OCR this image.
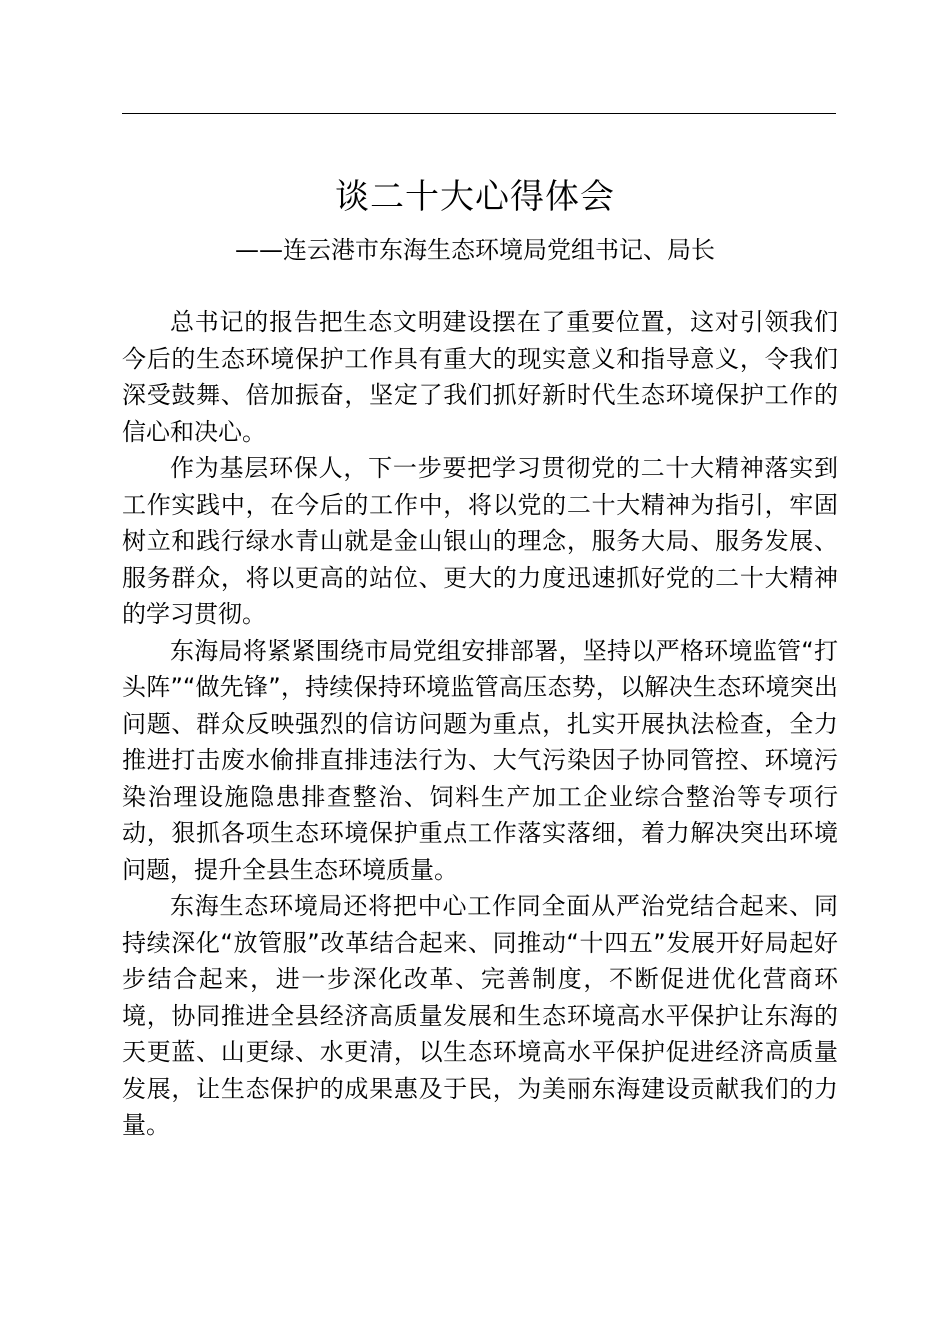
谈二十大心得体会
——连云港市东海生态环境局党组书记、局长

总书记的报告把生态文明建设摆在了重要位置，这对引领我们今后的生态环境保护工作具有重大的现实意义和指导意义，令我们深受鼓舞、倍加振奋，坚定了我们抓好新时代生态环境保护工作的信心和决心。

作为基层环保人，下一步要把学习贯彻党的二十大精神落实到工作实践中，在今后的工作中，将以党的二十大精神为指引，牢固树立和践行绿水青山就是金山银山的理念，服务大局、服务发展、服务群众，将以更高的站位、更大的力度迅速抓好党的二十大精神的学习贯彻。

东海局将紧紧围绕市局党组安排部署，坚持以严格环境监管“打头阵”“做先锋”，持续保持环境监管高压态势，以解决生态环境突出问题、群众反映强烈的信访问题为重点，扎实开展执法检查，全力推进打击废水偷排直排违法行为、大气污染因子协同管控、环境污染治理设施隐患排查整治、饲料生产加工企业综合整治等专项行动，狠抓各项生态环境保护重点工作落实落细，着力解决突出环境问题，提升全县生态环境质量。

东海生态环境局还将把中心工作同全面从严治党结合起来、同持续深化“放管服”改革结合起来、同推动“十四五”发展开好局起好步结合起来，进一步深化改革、完善制度，不断促进优化营商环境，协同推进全县经济高质量发展和生态环境高水平保护让东海的天更蓝、山更绿、水更清，以生态环境高水平保护促进经济高质量发展，让生态保护的成果惠及于民，为美丽东海建设贡献我们的力量。
